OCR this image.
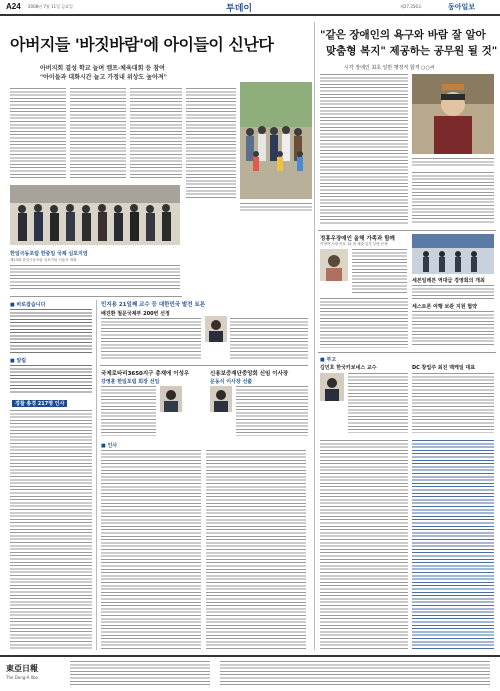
A24 2008년 7월 11일 금요일	투데이	제27,356호	동아일보
아버지들 '바짓바람'에 아이들이 신난다
아버지회 결성 학교 늘며 캠프·체육대회 등 참여
"아이들과 대화시간 늘고 가정내 위상도 높아져"
한일극동포럼 한중일 국제 심포지엄
제13회 한일극동포럼 심포지엄 서울서 개최
■ 바로잡습니다
■ 알림
경찰 총경 217명 인사
민지용 21일째 교수 등 대한민국 발전 토론
배진환 철문국제부 200번 선정
국제로타리3650지구 총재에 이성우
강영훈 한일포럼 회장 선임
신용보증재단중앙회 신임 이사장
문동식 이사장 선출
■ 인사
"같은 장애인의 욕구와 바람 잘 알아
맞춤형 복지" 제공하는 공무원 될 것"
시각 장애인 최초 일반 행정직 합격 ○○씨
정홍우장애인 올해 가족과 함께
이명박 시장 아들 15 대 제출·일부 부팅 문제
세븐일레븐 역대급 경영회의 개최
세스토론 여행 보관 지원 협약
■ 부고
김민호 한국카보네스 교수	DC 창업주 최진 맥케일 대표
東亞日報
The Dong-A Ilbo
